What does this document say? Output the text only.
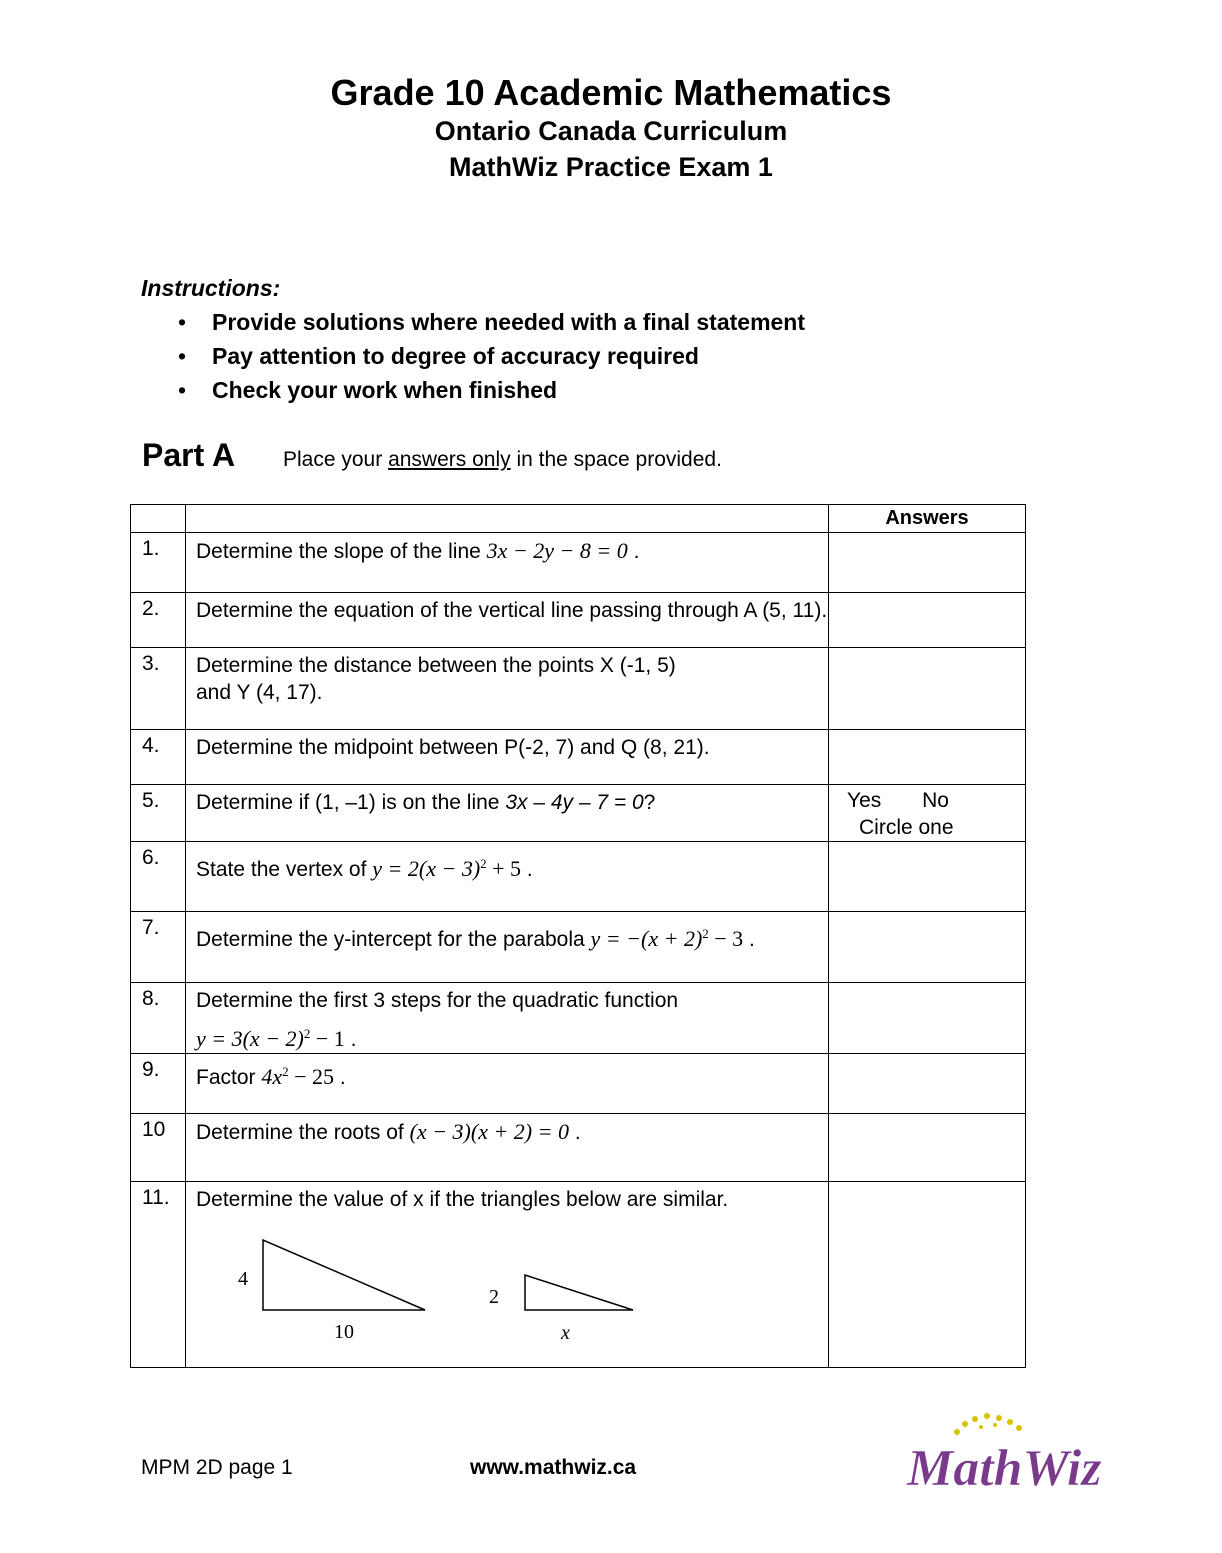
Grade 10 Academic Mathematics
Ontario Canada Curriculum
MathWiz Practice Exam 1
Instructions:
• Provide solutions where needed with a final statement
• Pay attention to degree of accuracy required
• Check your work when finished
Part A Place your answers only in the space provided.
		Answers
1.	Determine the slope of the line 3x − 2y − 8 = 0 .	
2.	Determine the equation of the vertical line passing through A (5, 11).	
3.	Determine the distance between the points X (-1, 5)
and Y (4, 17).	

4.	Determine the midpoint between P(-2, 7) and Q (8, 21).	
5.	Determine if (1, –1) is on the line 3x – 4y – 7 = 0?	Yes       No
Circle one

6.	State the vertex of $y = 2(x - 3)^2 + 5$ .	
7.	Determine the y-intercept for the parabola $y = -(x + 2)^2 - 3$ .	
8.	Determine the first 3 steps for the quadratic function
$y = 3(x - 2)^2 - 1$ .	

9.	Factor $4x^2 - 25$ .	
10	Determine the roots of (x − 3)(x + 2) = 0 .	
11.	Determine the value of x if the triangles below are similar.
4
10
2
x	

MPM 2D page 1	www.mathwiz.ca	MathWiz
